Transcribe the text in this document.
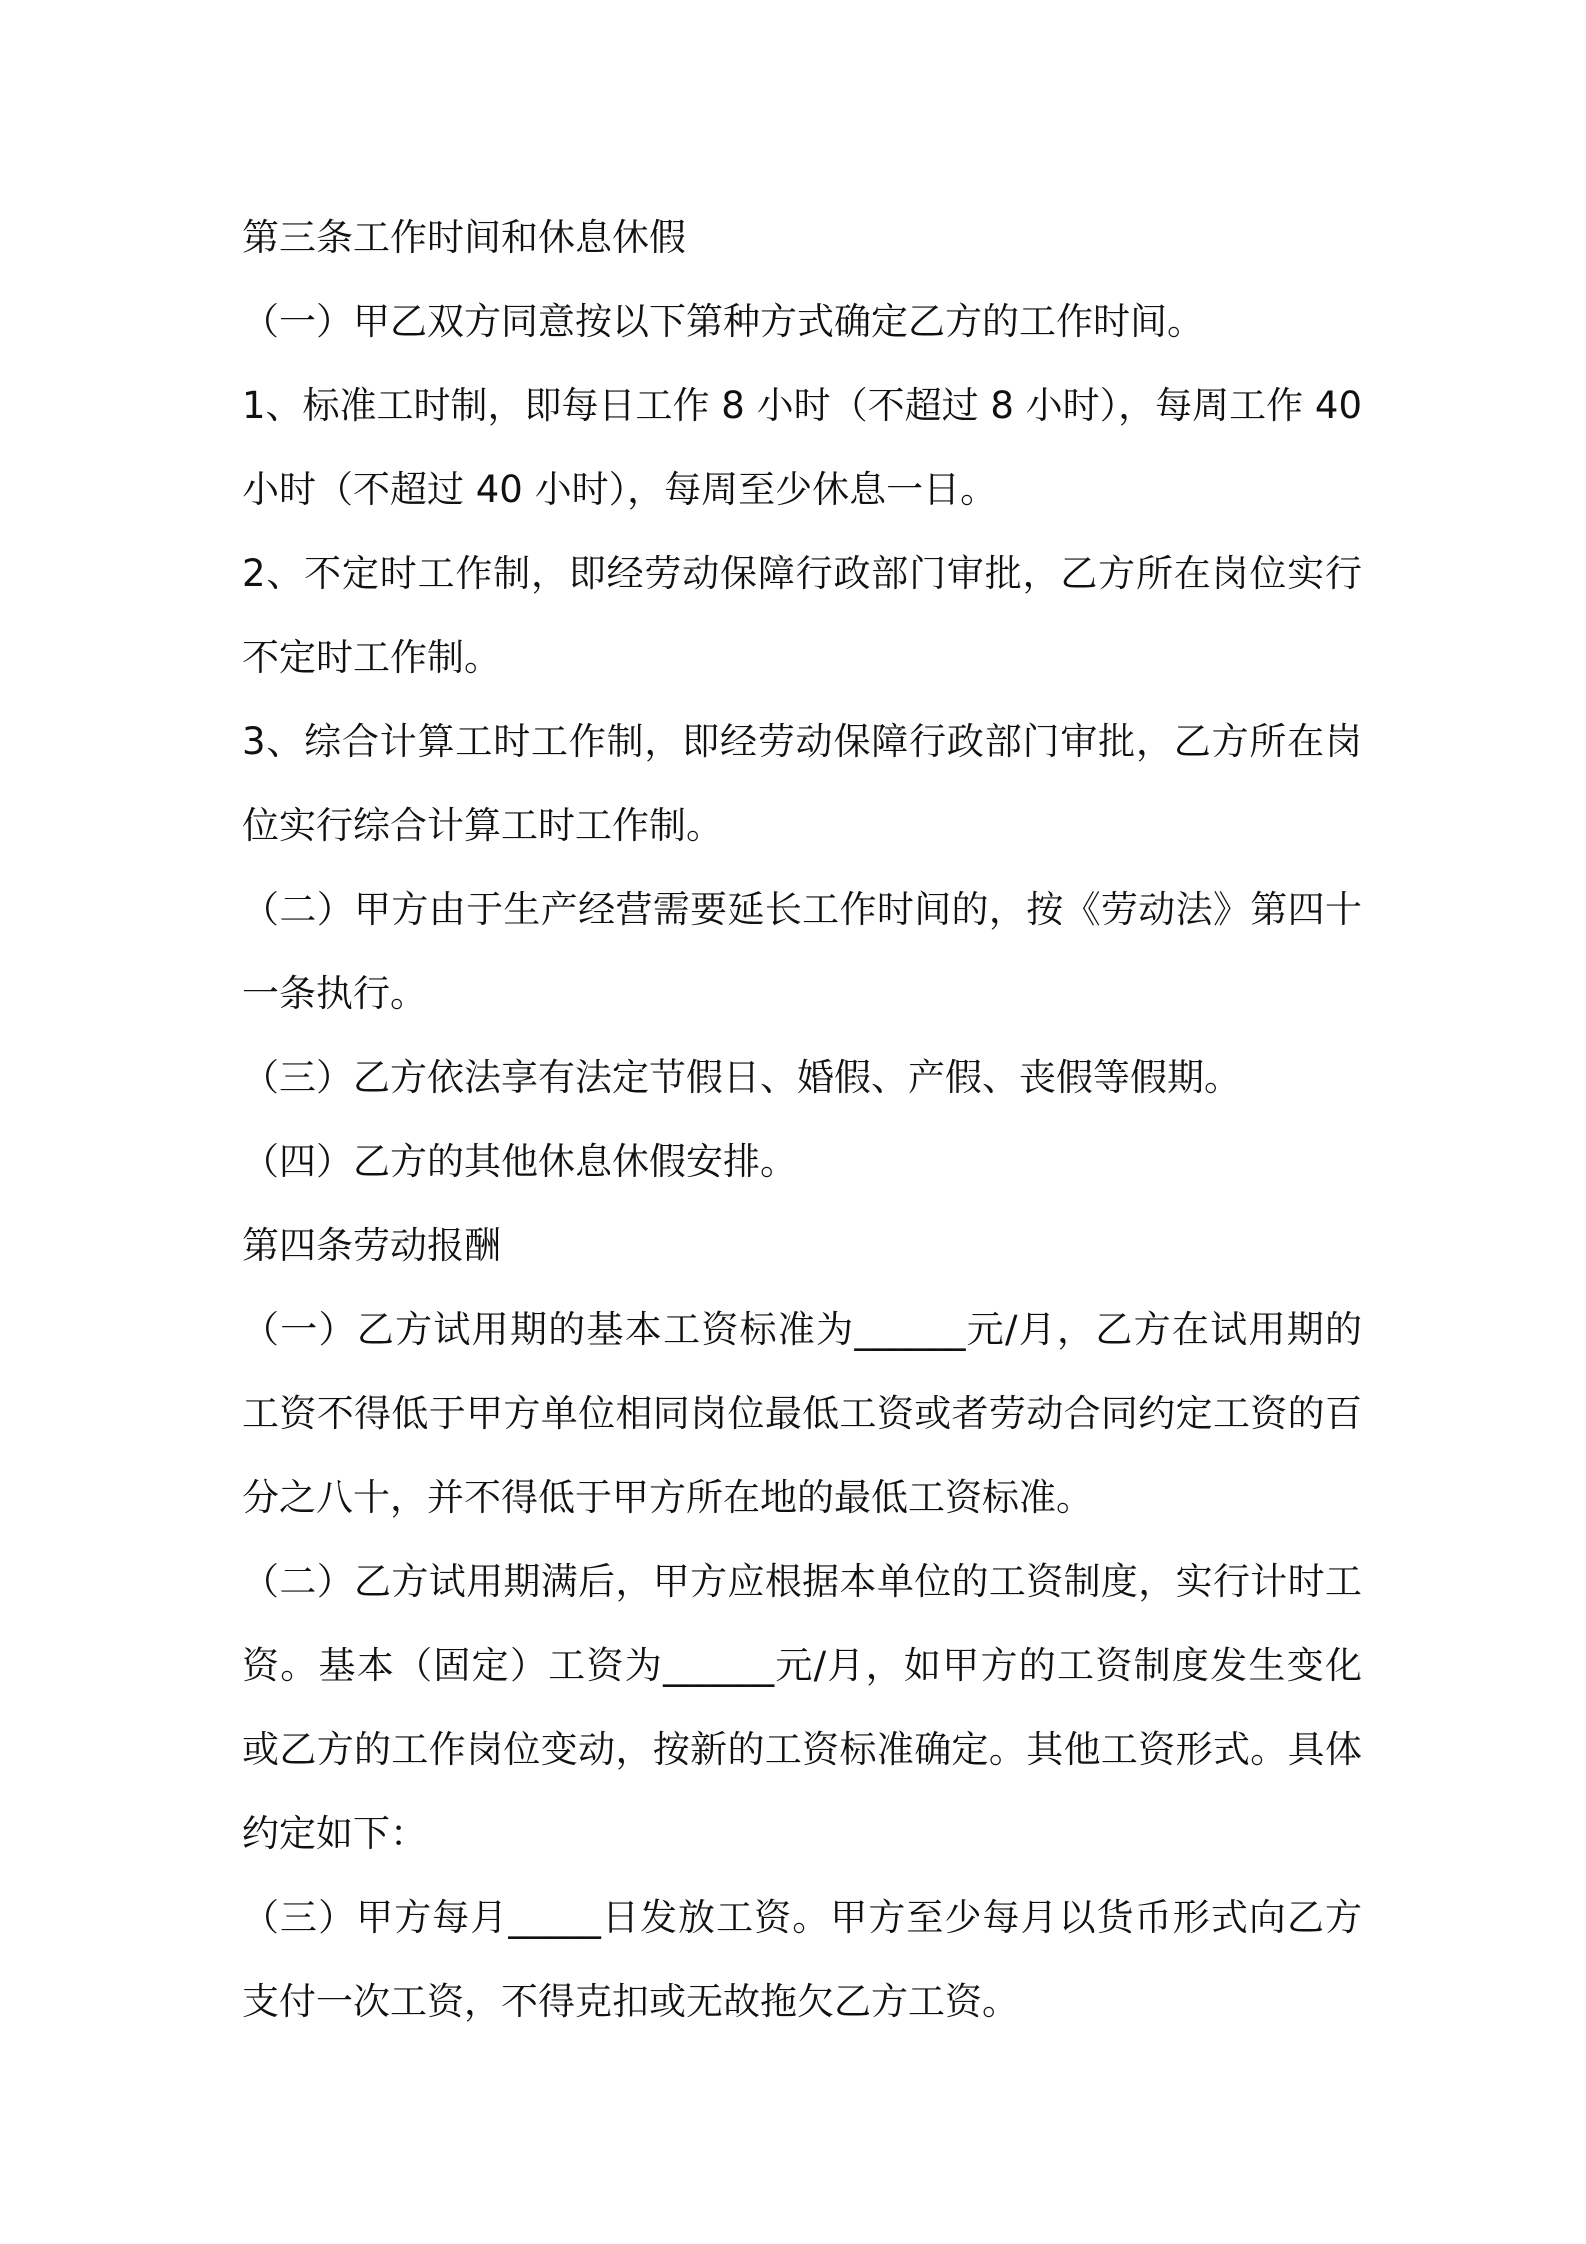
第三条工作时间和休息休假

（一）甲乙双方同意按以下第种方式确定乙方的工作时间。

1、标准工时制，即每日工作 8 小时（不超过 8 小时），每周工作 40 小时（不超过 40 小时），每周至少休息一日。

2、不定时工作制，即经劳动保障行政部门审批，乙方所在岗位实行不定时工作制。

3、综合计算工时工作制，即经劳动保障行政部门审批，乙方所在岗位实行综合计算工时工作制。

（二）甲方由于生产经营需要延长工作时间的，按《劳动法》第四十一条执行。

（三）乙方依法享有法定节假日、婚假、产假、丧假等假期。

（四）乙方的其他休息休假安排。

第四条劳动报酬

（一）乙方试用期的基本工资标准为______元/月，乙方在试用期的工资不得低于甲方单位相同岗位最低工资或者劳动合同约定工资的百分之八十，并不得低于甲方所在地的最低工资标准。

（二）乙方试用期满后，甲方应根据本单位的工资制度，实行计时工资。基本（固定）工资为______元/月，如甲方的工资制度发生变化或乙方的工作岗位变动，按新的工资标准确定。其他工资形式。具体约定如下：

（三）甲方每月_____日发放工资。甲方至少每月以货币形式向乙方支付一次工资，不得克扣或无故拖欠乙方工资。
